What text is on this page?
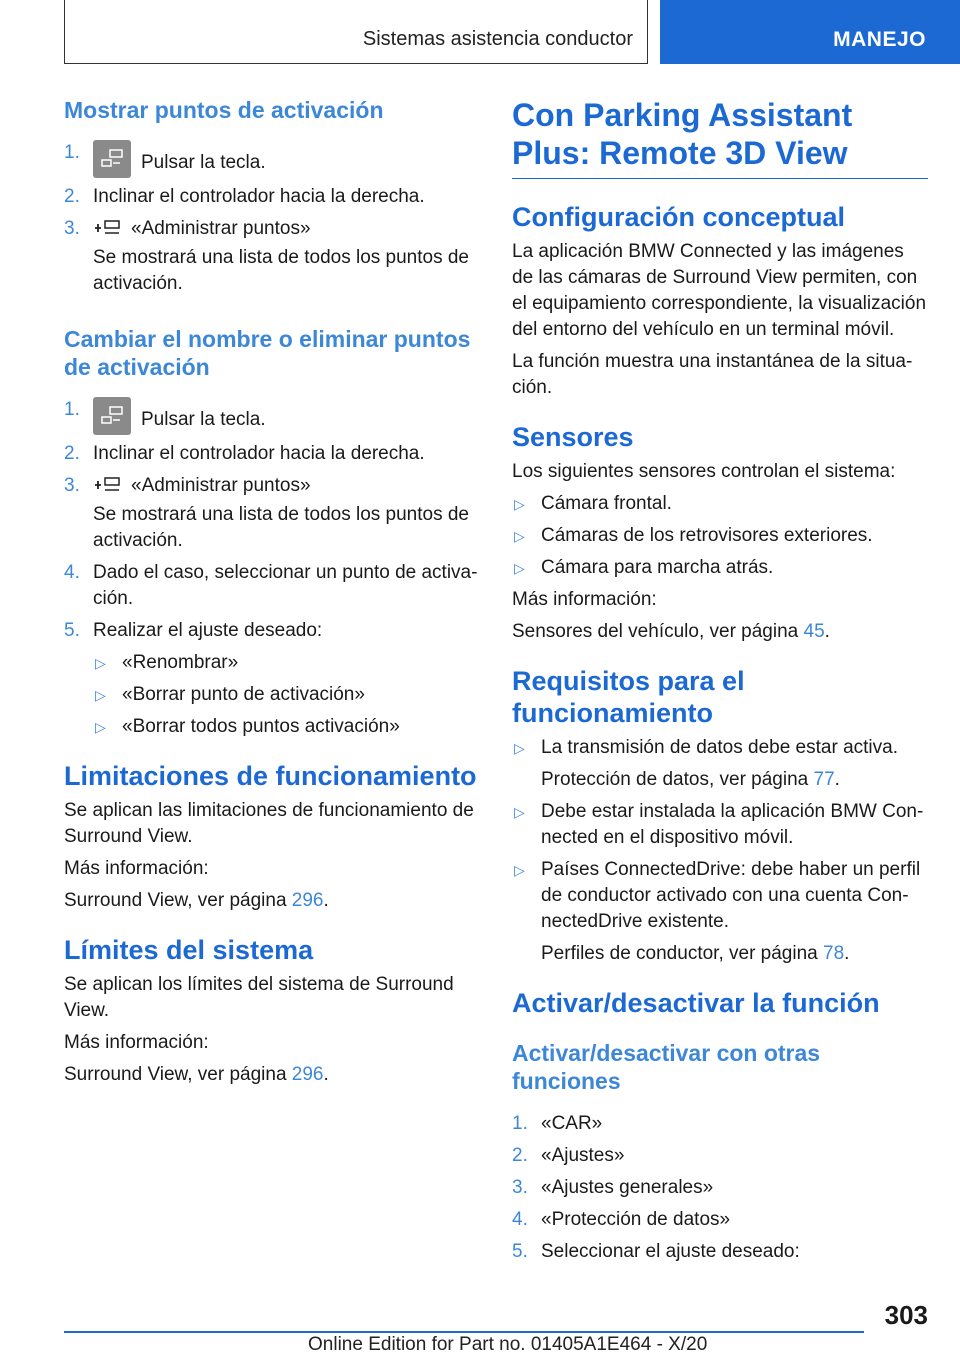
Sistemas asistencia conductor	MANEJO
Mostrar puntos de activación
1.	Pulsar la tecla.
2. Inclinar el controlador hacia la derecha.
3.	«Administrar puntos»
Se mostrará una lista de todos los puntos de activación.
Cambiar el nombre o eliminar puntos de activación
1.	Pulsar la tecla.
2. Inclinar el controlador hacia la derecha.
3.	«Administrar puntos»
Se mostrará una lista de todos los puntos de activación.
4. Dado el caso, seleccionar un punto de activa‐ción.
5. Realizar el ajuste deseado:
▷ «Renombrar»
▷ «Borrar punto de activación»
▷ «Borrar todos puntos activación»
Limitaciones de funcionamiento

Se aplican las limitaciones de funcionamiento de Surround View.

Más información:

Surround View, ver página 296.

Límites del sistema

Se aplican los límites del sistema de Surround View.

Más información:

Surround View, ver página 296.

Con Parking Assistant Plus: Remote 3D View
Configuración conceptual

La aplicación BMW Connected y las imágenes de las cámaras de Surround View permiten, con el equipamiento correspondiente, la visualización del entorno del vehículo en un terminal móvil.

La función muestra una instantánea de la situa‐ción.

Sensores

Los siguientes sensores controlan el sistema:

▷ Cámara frontal.
▷ Cámaras de los retrovisores exteriores.
▷ Cámara para marcha atrás.

Más información:

Sensores del vehículo, ver página 45.

Requisitos para el funcionamiento
▷ La transmisión de datos debe estar activa.
Protección de datos, ver página 77.
▷ Debe estar instalada la aplicación BMW Con‐nected en el dispositivo móvil.
▷ Países ConnectedDrive: debe haber un perfil de conductor activado con una cuenta Con‐nectedDrive existente.
Perfiles de conductor, ver página 78.
Activar/desactivar la función
Activar/desactivar con otras funciones
1. «CAR»
2. «Ajustes»
3. «Ajustes generales»
4. «Protección de datos»
5. Seleccionar el ajuste deseado:
303
Online Edition for Part no. 01405A1E464 - X/20
